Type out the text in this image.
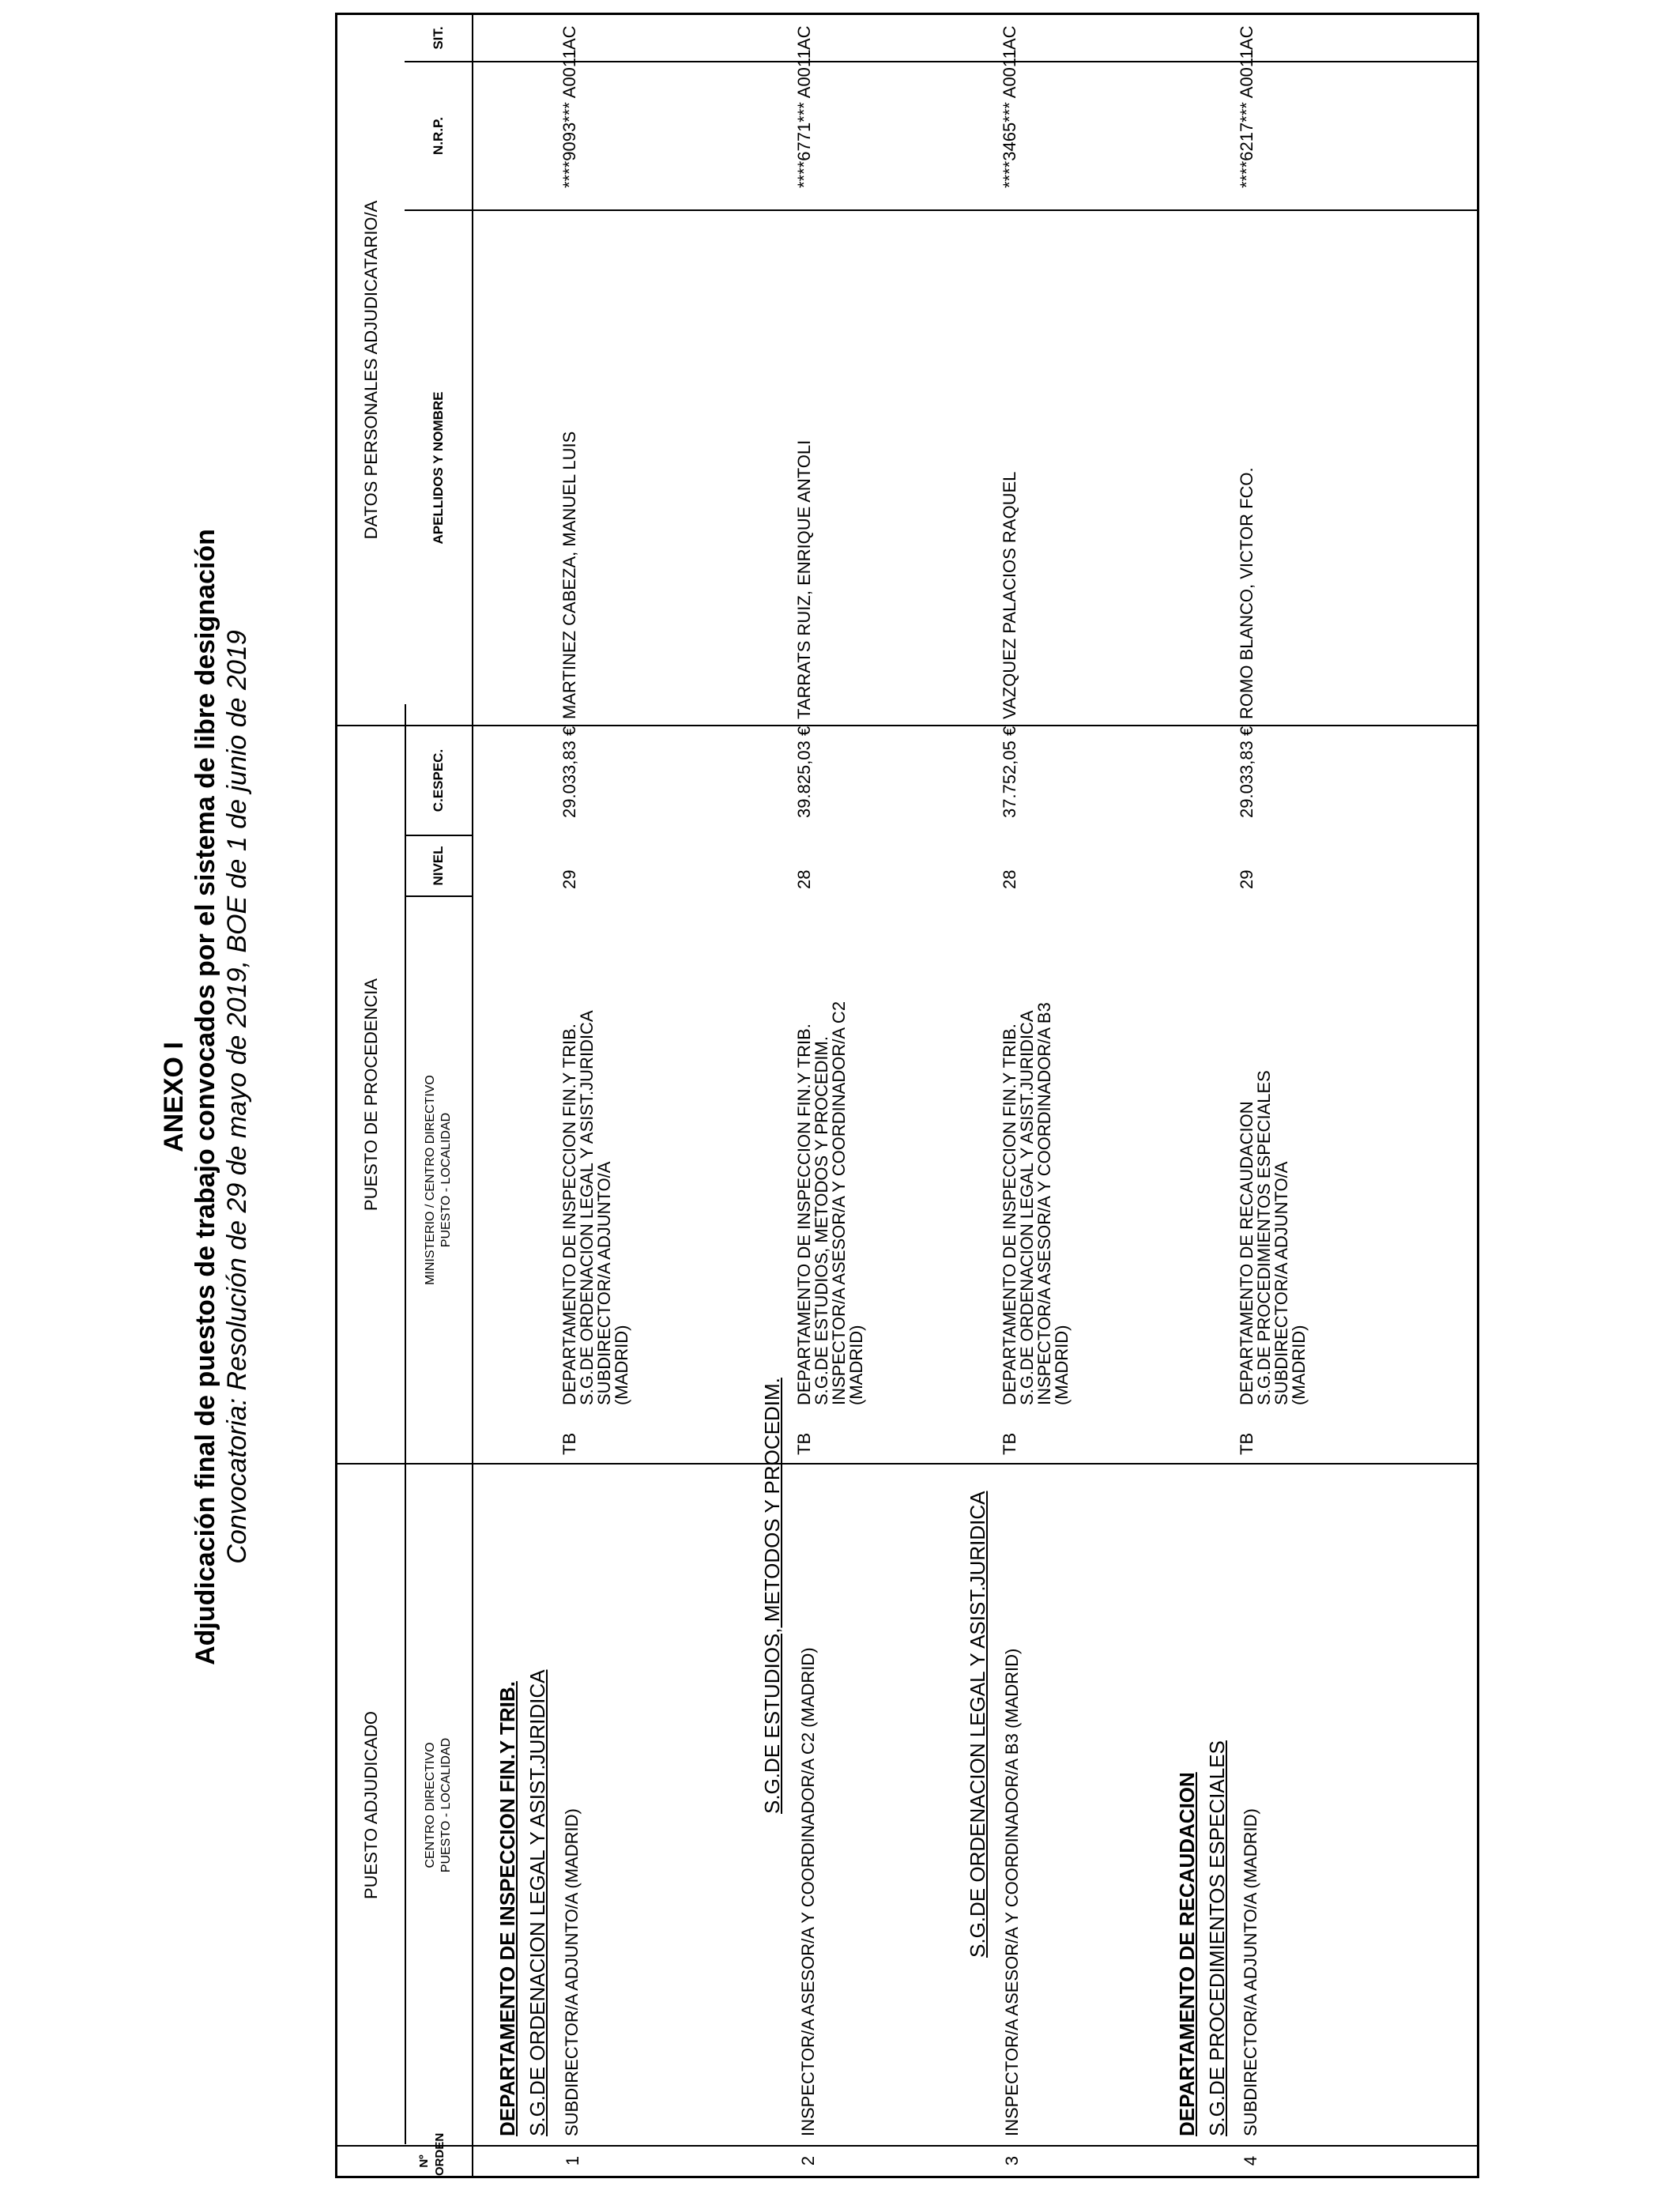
ANEXO I Adjudicación final de puestos de trabajo convocados por el sistema de libre designación Convocatoria: Resolución de 29 de mayo de 2019, BOE de 1 de junio de 2019
PUESTO ADJUDICADO
PUESTO DE PROCEDENCIA
DATOS PERSONALES ADJUDICATARIO/A
Nº ORDEN
CENTRO DIRECTIVO PUESTO - LOCALIDAD
MINISTERIO / CENTRO DIRECTIVO PUESTO - LOCALIDAD
NIVEL
C.ESPEC.
APELLIDOS Y NOMBRE
N.R.P.
SIT.
DEPARTAMENTO DE INSPECCION FIN.Y TRIB. S.G.DE ORDENACION LEGAL Y ASIST.JURIDICA
1
SUBDIRECTOR/A ADJUNTO/A (MADRID)
TB
DEPARTAMENTO DE INSPECCION FIN.Y TRIB.
S.G.DE ORDENACION LEGAL Y ASIST.JURIDICA
SUBDIRECTOR/A ADJUNTO/A
(MADRID)
29
29.033,83 €
MARTINEZ CABEZA, MANUEL LUIS
****9093*** A0011
AC
S.G.DE ESTUDIOS, METODOS Y PROCEDIM.
2
INSPECTOR/A ASESOR/A Y COORDINADOR/A C2 (MADRID)
TB
DEPARTAMENTO DE INSPECCION FIN.Y TRIB.
S.G.DE ESTUDIOS, METODOS Y PROCEDIM.
INSPECTOR/A ASESOR/A Y COORDINADOR/A C2
(MADRID)
28
39.825,03 €
TARRATS RUIZ, ENRIQUE ANTOLI
****6771*** A0011
AC
S.G.DE ORDENACION LEGAL Y ASIST.JURIDICA
3
INSPECTOR/A ASESOR/A Y COORDINADOR/A B3 (MADRID)
TB
DEPARTAMENTO DE INSPECCION FIN.Y TRIB.
S.G.DE ORDENACION LEGAL Y ASIST.JURIDICA
INSPECTOR/A ASESOR/A Y COORDINADOR/A B3
(MADRID)
28
37.752,05 €
VAZQUEZ PALACIOS RAQUEL
****3465*** A0011
AC
DEPARTAMENTO DE RECAUDACION S.G.DE PROCEDIMIENTOS ESPECIALES
4
SUBDIRECTOR/A ADJUNTO/A (MADRID)
TB
DEPARTAMENTO DE RECAUDACION
S.G.DE PROCEDIMIENTOS ESPECIALES
SUBDIRECTOR/A ADJUNTO/A
(MADRID)
29
29.033,83 €
ROMO BLANCO, VICTOR FCO.
****6217*** A0011
AC
